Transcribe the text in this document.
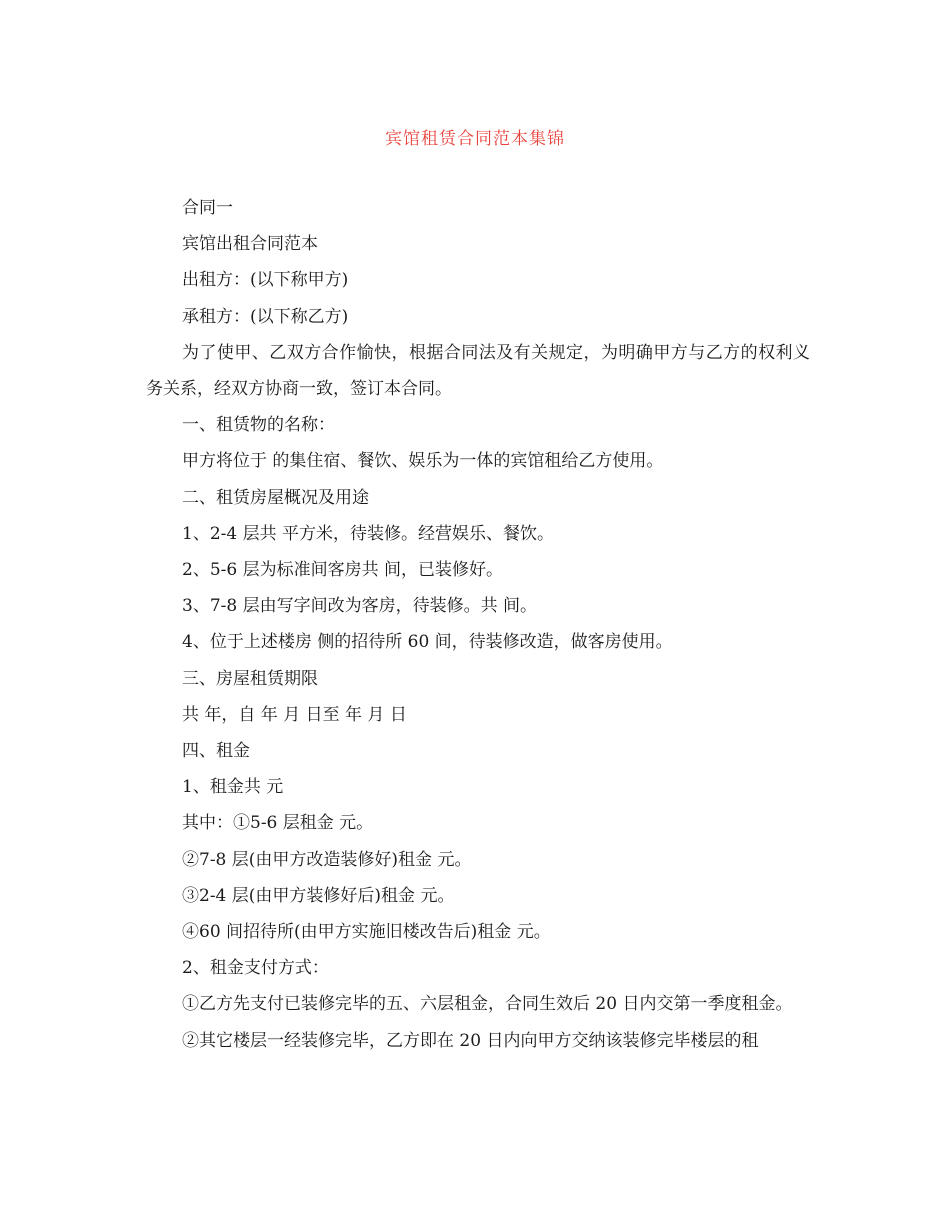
宾馆租赁合同范本集锦

合同一

宾馆出租合同范本

出租方：(以下称甲方)

承租方：(以下称乙方)

为了使甲、乙双方合作愉快，根据合同法及有关规定，为明确甲方与乙方的权利义务关系，经双方协商一致，签订本合同。

一、租赁物的名称：

甲方将位于 的集住宿、餐饮、娱乐为一体的宾馆租给乙方使用。

二、租赁房屋概况及用途

1、2-4 层共 平方米，待装修。经营娱乐、餐饮。

2、5-6 层为标准间客房共 间，已装修好。

3、7-8 层由写字间改为客房，待装修。共 间。

4、位于上述楼房 侧的招待所 60 间，待装修改造，做客房使用。

三、房屋租赁期限

共 年，自 年 月 日至 年 月 日

四、租金

1、租金共 元

其中：①5-6 层租金 元。

②7-8 层(由甲方改造装修好)租金 元。

③2-4 层(由甲方装修好后)租金 元。

④60 间招待所(由甲方实施旧楼改告后)租金 元。

2、租金支付方式：

①乙方先支付已装修完毕的五、六层租金，合同生效后 20 日内交第一季度租金。

②其它楼层一经装修完毕，乙方即在 20 日内向甲方交纳该装修完毕楼层的租
